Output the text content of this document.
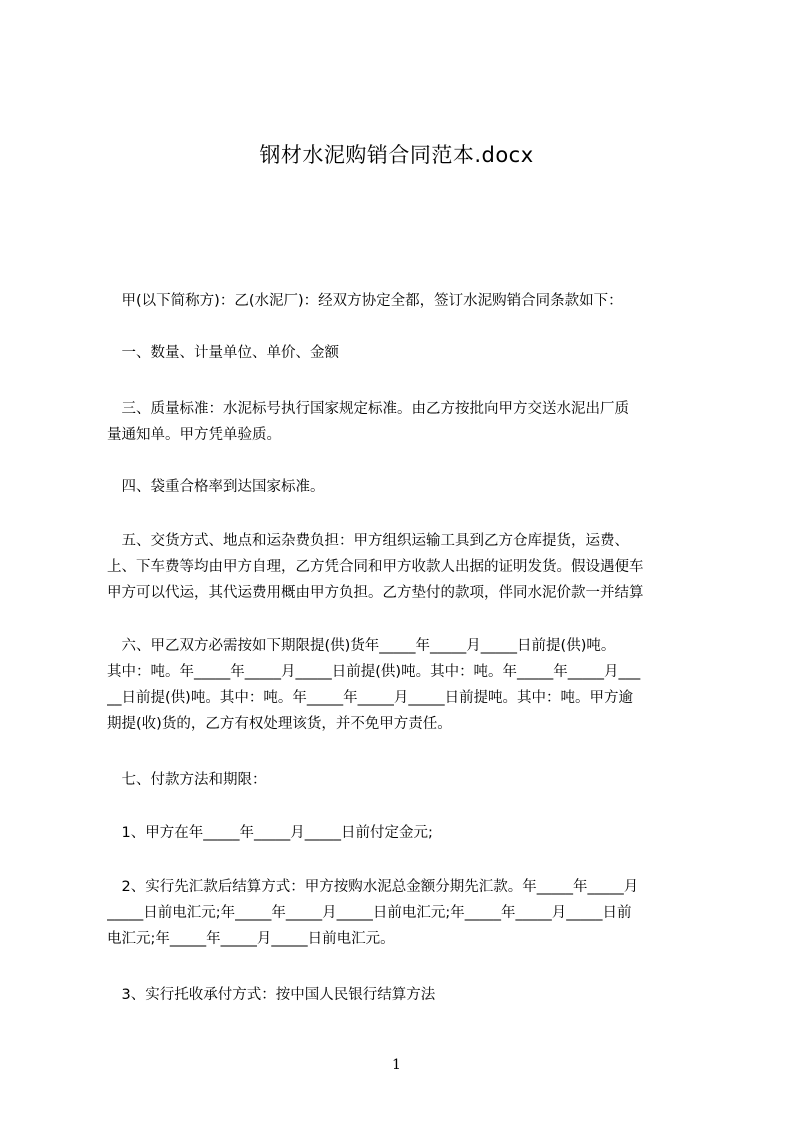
钢材水泥购销合同范本.docx

　甲(以下简称方)：乙(水泥厂)：经双方协定全都，签订水泥购销合同条款如下：

　一、数量、计量单位、单价、金额

　三、质量标准：水泥标号执行国家规定标准。由乙方按批向甲方交送水泥出厂质
量通知单。甲方凭单验质。

　四、袋重合格率到达国家标准。

　五、交货方式、地点和运杂费负担：甲方组织运输工具到乙方仓库提货，运费、
上、下车费等均由甲方自理，乙方凭合同和甲方收款人出据的证明发货。假设遇便车
甲方可以代运，其代运费用概由甲方负担。乙方垫付的款项，伴同水泥价款一并结算

　六、甲乙双方必需按如下期限提(供)货年_____年_____月_____日前提(供)吨。
其中：吨。年_____年_____月_____日前提(供)吨。其中：吨。年_____年_____月___
__日前提(供)吨。其中：吨。年_____年_____月_____日前提吨。其中：吨。甲方逾
期提(收)货的，乙方有权处理该货，并不免甲方责任。

　七、付款方法和期限：

　1、甲方在年_____年_____月_____日前付定金元;

　2、实行先汇款后结算方式：甲方按购水泥总金额分期先汇款。年_____年_____月
_____日前电汇元;年_____年_____月_____日前电汇元;年_____年_____月_____日前
电汇元;年_____年_____月_____日前电汇元。

　3、实行托收承付方式：按中国人民银行结算方法

1
